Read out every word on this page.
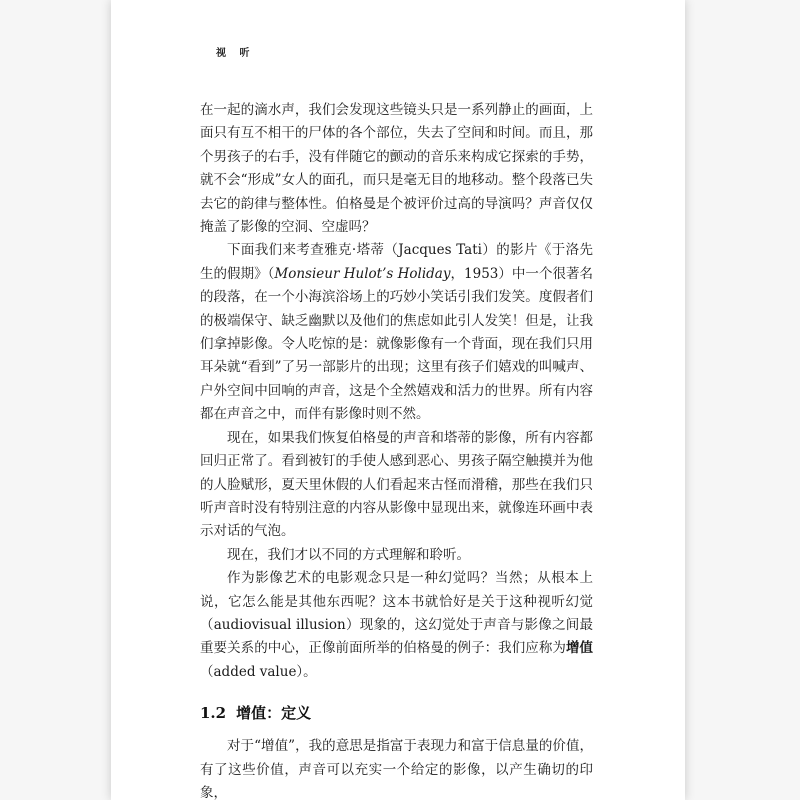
视 听

在一起的滴水声，我们会发现这些镜头只是一系列静止的画面，上面只有互不相干的尸体的各个部位，失去了空间和时间。而且，那个男孩子的右手，没有伴随它的颤动的音乐来构成它探索的手势，就不会“形成”女人的面孔，而只是毫无目的地移动。整个段落已失去它的韵律与整体性。伯格曼是个被评价过高的导演吗？声音仅仅掩盖了影像的空洞、空虚吗？

下面我们来考查雅克·塔蒂（Jacques Tati）的影片《于洛先生的假期》（Monsieur Hulot’s Holiday，1953）中一个很著名的段落，在一个小海滨浴场上的巧妙小笑话引我们发笑。度假者们的极端保守、缺乏幽默以及他们的焦虑如此引人发笑！但是，让我们拿掉影像。令人吃惊的是：就像影像有一个背面，现在我们只用耳朵就“看到”了另一部影片的出现；这里有孩子们嬉戏的叫喊声、户外空间中回响的声音，这是个全然嬉戏和活力的世界。所有内容都在声音之中，而伴有影像时则不然。

现在，如果我们恢复伯格曼的声音和塔蒂的影像，所有内容都回归正常了。看到被钉的手使人感到恶心、男孩子隔空触摸并为他的人脸赋形，夏天里休假的人们看起来古怪而滑稽，那些在我们只听声音时没有特别注意的内容从影像中显现出来，就像连环画中表示对话的气泡。

现在，我们才以不同的方式理解和聆听。

作为影像艺术的电影观念只是一种幻觉吗？当然；从根本上说，它怎么能是其他东西呢？这本书就恰好是关于这种视听幻觉（audiovisual illusion）现象的，这幻觉处于声音与影像之间最重要关系的中心，正像前面所举的伯格曼的例子：我们应称为增值（added value）。

1.2 增值：定义

对于“增值”，我的意思是指富于表现力和富于信息量的价值，有了这些价值，声音可以充实一个给定的影像，以产生确切的印象，
